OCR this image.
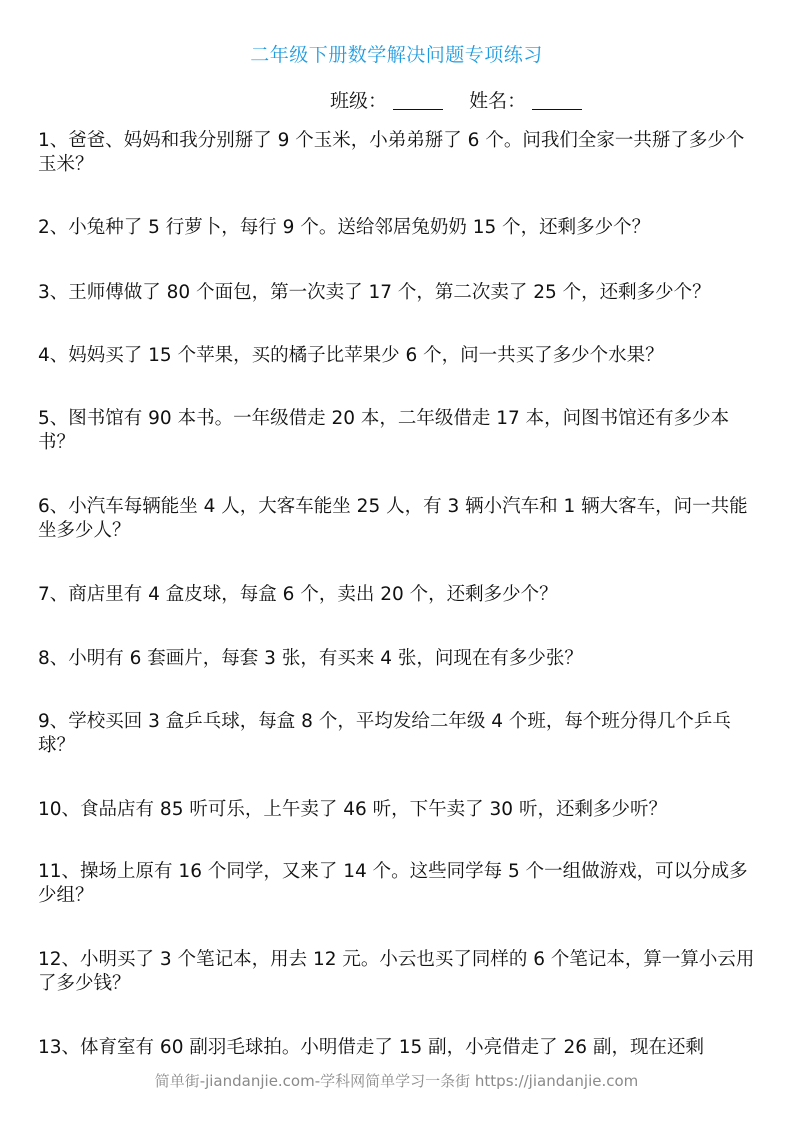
二年级下册数学解决问题专项练习
班级：	姓名：
1、爸爸、妈妈和我分别掰了 9 个玉米，小弟弟掰了 6 个。问我们全家一共掰了多少个玉米？
2、小兔种了 5 行萝卜，每行 9 个。送给邻居兔奶奶 15 个，还剩多少个？
3、王师傅做了 80 个面包，第一次卖了 17 个，第二次卖了 25 个，还剩多少个？
4、妈妈买了 15 个苹果，买的橘子比苹果少 6 个，问一共买了多少个水果？
5、图书馆有 90 本书。一年级借走 20 本，二年级借走 17 本，问图书馆还有多少本书？
6、小汽车每辆能坐 4 人，大客车能坐 25 人，有 3 辆小汽车和 1 辆大客车，问一共能坐多少人？
7、商店里有 4 盒皮球，每盒 6 个，卖出 20 个，还剩多少个？
8、小明有 6 套画片，每套 3 张，有买来 4 张，问现在有多少张？
9、学校买回 3 盒乒乓球，每盒 8 个，平均发给二年级 4 个班，每个班分得几个乒乓球？
10、食品店有 85 听可乐，上午卖了 46 听，下午卖了 30 听，还剩多少听？
11、操场上原有 16 个同学，又来了 14 个。这些同学每 5 个一组做游戏，可以分成多少组？
12、小明买了 3 个笔记本，用去 12 元。小云也买了同样的 6 个笔记本，算一算小云用了多少钱？
13、体育室有 60 副羽毛球拍。小明借走了 15 副，小亮借走了 26 副，现在还剩
简单街-jiandanjie.com-学科网简单学习一条街 https://jiandanjie.com
